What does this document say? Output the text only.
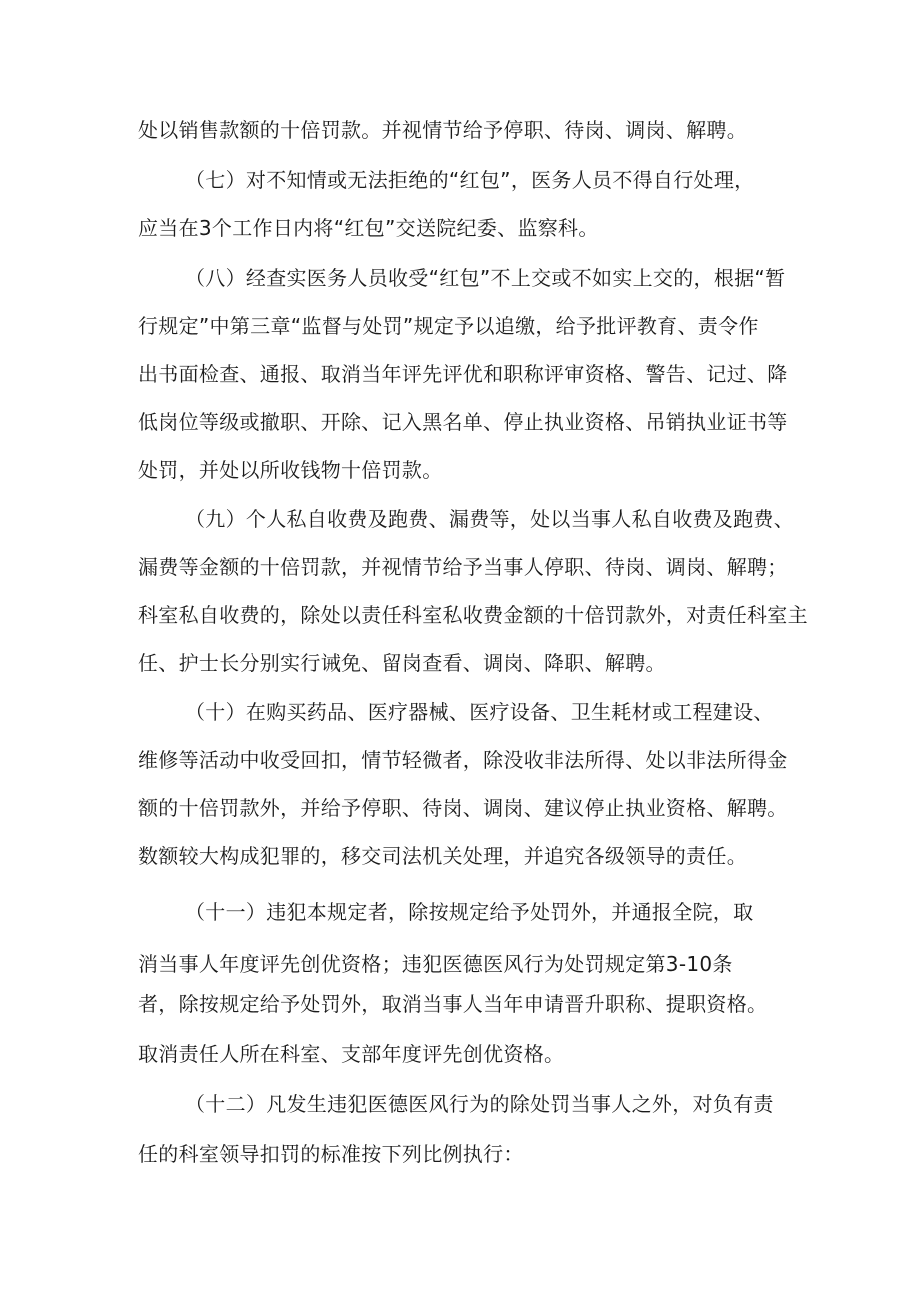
处以销售款额的十倍罚款。并视情节给予停职、待岗、调岗、解聘。
（七）对不知情或无法拒绝的“红包”，医务人员不得自行处理，
应当在3个工作日内将“红包”交送院纪委、监察科。
（八）经查实医务人员收受“红包”不上交或不如实上交的，根据“暂
行规定”中第三章“监督与处罚”规定予以追缴，给予批评教育、责令作
出书面检查、通报、取消当年评先评优和职称评审资格、警告、记过、降
低岗位等级或撤职、开除、记入黑名单、停止执业资格、吊销执业证书等
处罚，并处以所收钱物十倍罚款。
（九）个人私自收费及跑费、漏费等，处以当事人私自收费及跑费、
漏费等金额的十倍罚款，并视情节给予当事人停职、待岗、调岗、解聘；
科室私自收费的，除处以责任科室私收费金额的十倍罚款外，对责任科室主
任、护士长分别实行诫免、留岗查看、调岗、降职、解聘。
（十）在购买药品、医疗器械、医疗设备、卫生耗材或工程建设、
维修等活动中收受回扣，情节轻微者，除没收非法所得、处以非法所得金
额的十倍罚款外，并给予停职、待岗、调岗、建议停止执业资格、解聘。
数额较大构成犯罪的，移交司法机关处理，并追究各级领导的责任。
（十一）违犯本规定者，除按规定给予处罚外，并通报全院，取
消当事人年度评先创优资格；违犯医德医风行为处罚规定第3-10条
者，除按规定给予处罚外，取消当事人当年申请晋升职称、提职资格。
取消责任人所在科室、支部年度评先创优资格。
（十二）凡发生违犯医德医风行为的除处罚当事人之外，对负有责
任的科室领导扣罚的标准按下列比例执行：
